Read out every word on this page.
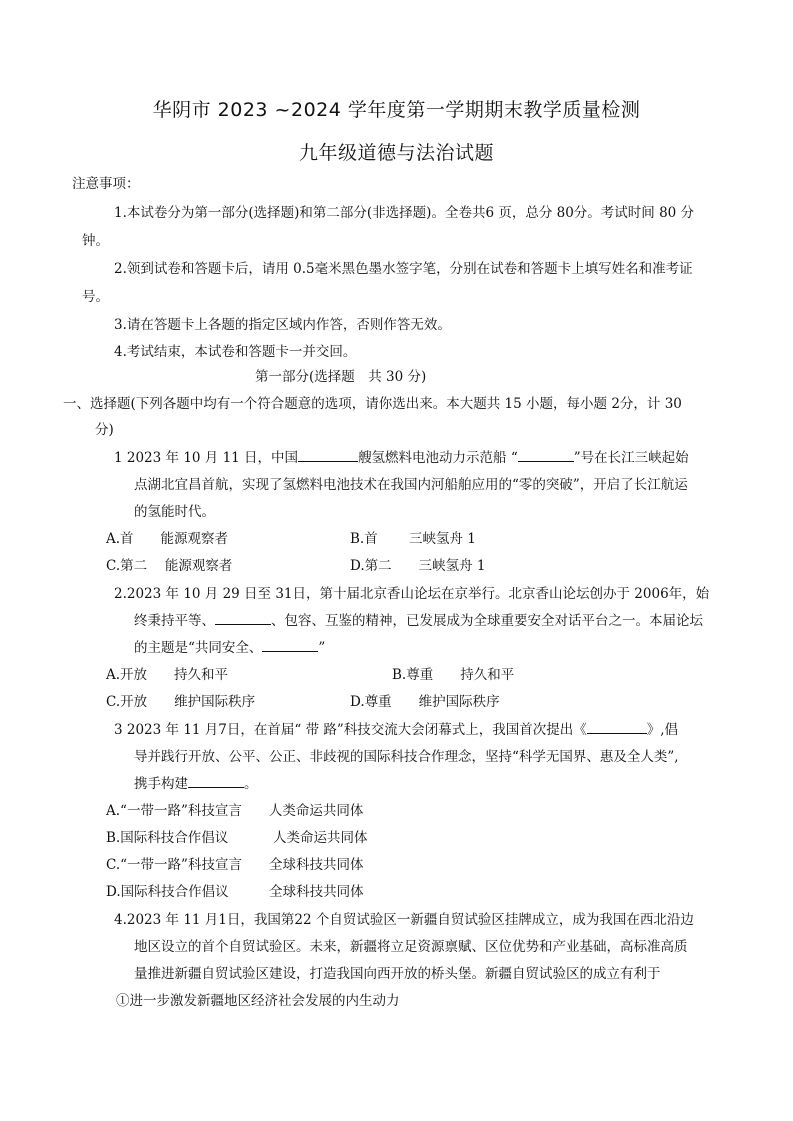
华阴市 2023 ~2024 学年度第一学期期末教学质量检测
九年级道德与法治试题
注意事项：
1.本试卷分为第一部分(选择题)和第二部分(非选择题)。全卷共6 页，总分 80分。考试时间 80 分
钟。
2.领到试卷和答题卡后，请用 0.5毫米黑色墨水签字笔，分别在试卷和答题卡上填写姓名和准考证
号。
3.请在答题卡上各题的指定区域内作答，否则作答无效。
4.考试结束，本试卷和答题卡一并交回。
第一部分(选择题　共 30 分)
一、选择题(下列各题中均有一个符合题意的选项，请你选出来。本大题共 15 小题，每小题 2分，计 30
分)
1 2023 年 10 月 11 日，中国	艘氢燃料电池动力示范船 “	”号在长江三峡起始
点湖北宜昌首航，实现了氢燃料电池技术在我国内河船舶应用的“零的突破”，开启了长江航运
的氢能时代。
A.首　　能源观察者	B.首　　 三峡氢舟 1
C.第二　 能源观察者	D.第二　　三峡氢舟 1
2.2023 年 10 月 29 日至 31日，第十届北京香山论坛在京举行。北京香山论坛创办于 2006年，始
终秉持平等、	、包容、互鉴的精神，已发展成为全球重要安全对话平台之一。本届论坛
的主题是“共同安全、	”
A.开放　　持久和平	B.尊重　　持久和平
C.开放　　维护国际秩序	D.尊重　　维护国际秩序
3 2023 年 11 月7日，在首届“ 带 路”科技交流大会闭幕式上，我国首次提出《	》,倡
导并践行开放、公平、公正、非歧视的国际科技合作理念，坚持“科学无国界、惠及全人类”,
携手构建	。
A.“一带一路”科技宣言　　人类命运共同体
B.国际科技合作倡议　　　 人类命运共同体
C.“一带一路”科技宣言　　全球科技共同体
D.国际科技合作倡议　　　全球科技共同体
4.2023 年 11 月1日，我国第22 个自贸试验区一新疆自贸试验区挂牌成立，成为我国在西北沿边
地区设立的首个自贸试验区。未来，新疆将立足资源禀赋、区位优势和产业基础，高标准高质
量推进新疆自贸试验区建设，打造我国向西开放的桥头堡。新疆自贸试验区的成立有利于
①进一步激发新疆地区经济社会发展的内生动力
